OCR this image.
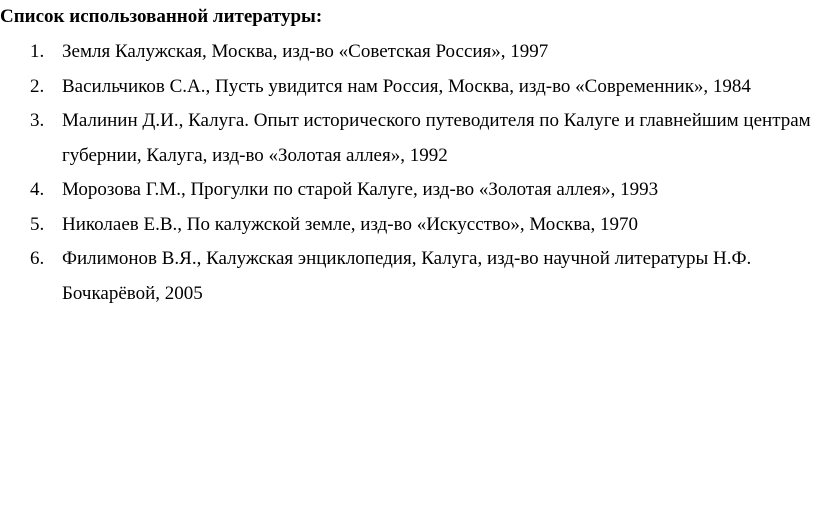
Список использованной литературы:
1. Земля Калужская, Москва, изд-во «Советская Россия», 1997
2. Васильчиков С.А., Пусть увидится нам Россия, Москва, изд-во «Современник», 1984
3. Малинин Д.И., Калуга. Опыт исторического путеводителя по Калуге и главнейшим центрам губернии, Калуга, изд-во «Золотая аллея», 1992
4. Морозова Г.М., Прогулки по старой Калуге, изд-во «Золотая аллея», 1993
5. Николаев Е.В., По калужской земле, изд-во «Искусство», Москва, 1970
6. Филимонов В.Я., Калужская энциклопедия, Калуга, изд-во научной литературы Н.Ф. Бочкарёвой, 2005
